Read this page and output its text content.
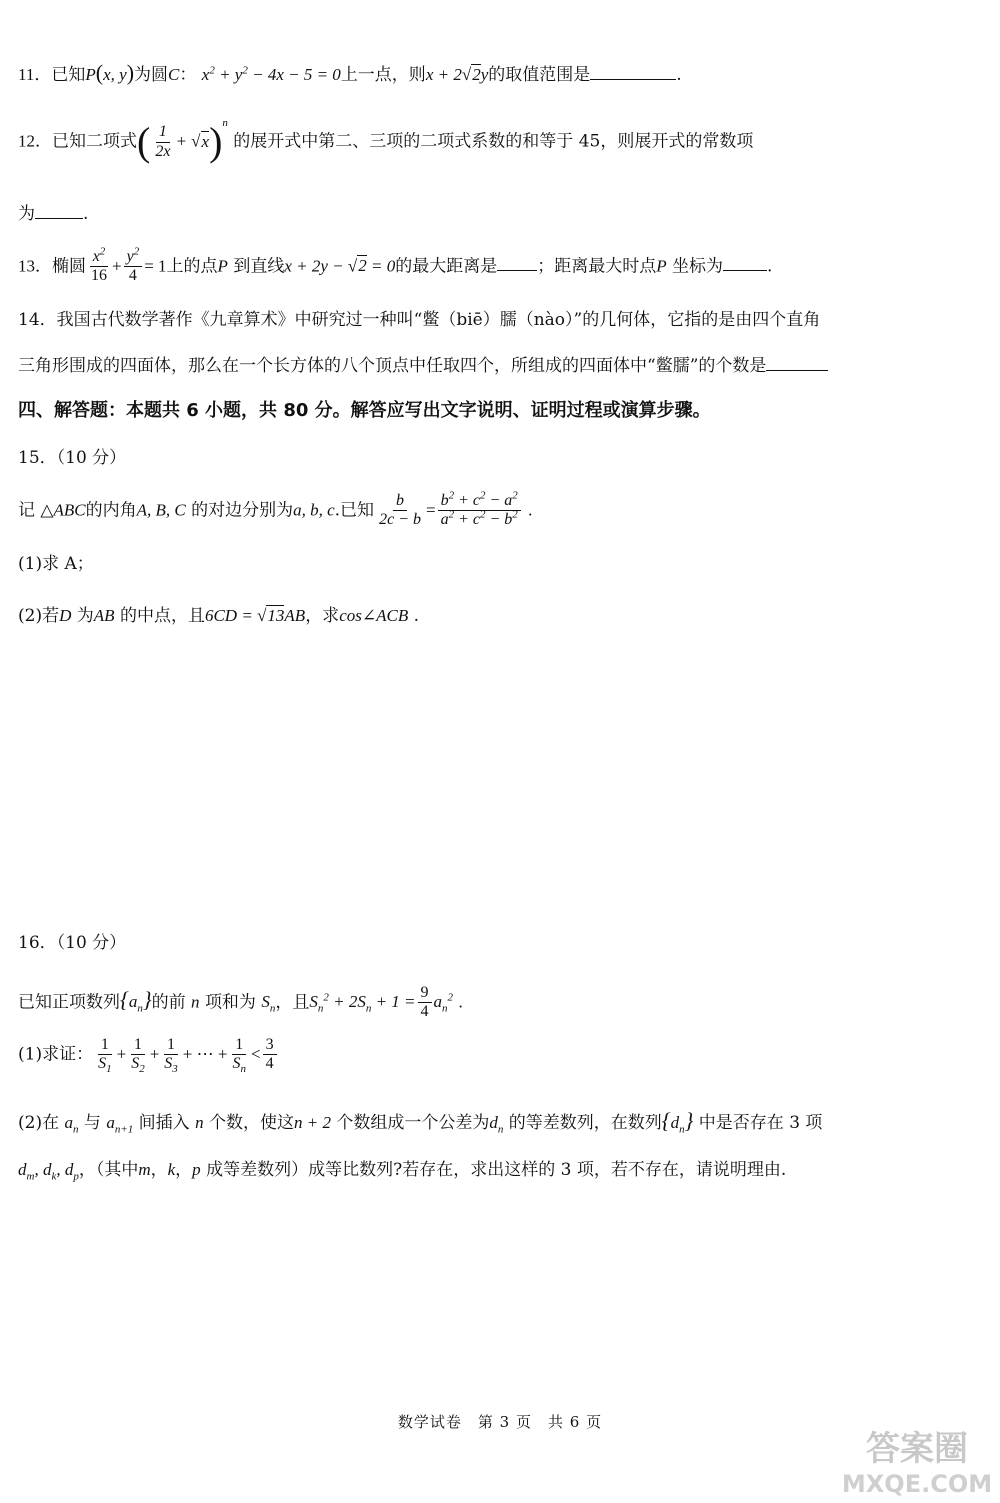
11．已知P(x, y)为圆C： $x^2 + y^2 - 4x - 5 = 0$上一点，则x + 2√2y的取值范围是	.
12．已知二项式( $\frac{1}{2x} + √x)^n$ 的展开式中第二、三项的二项式系数的和等于 45，则展开式的常数项
为	.
13．椭圆 $\frac{x^2}{16} + \frac{y^2}{4} = 1$上的点P 到直线x + 2y − √2 = 0的最大距离是 ；距离最大时点P 坐标为	.
14．我国古代数学著作《九章算术》中研究过一种叫“鳖（biē）臑（nào）”的几何体，它指的是由四个直角
三角形围成的四面体，那么在一个长方体的八个顶点中任取四个，所组成的四面体中“鳖臑”的个数是
四、解答题：本题共 6 小题，共 80 分。解答应写出文字说明、证明过程或演算步骤。
15．（10 分）
记 △ABC的内角A, B, C 的对边分别为a, b, c.已知 $\frac{b}{2c - b} = \frac{b^2 + c^2 - a^2}{a^2 + c^2 - b^2}$ .
(1)求 A；
(2)若D 为AB 的中点，且6CD = √13AB，求cos∠ACB .
16．（10 分）
已知正项数列$\{a_n\}$的前 n 项和为 $S_n$，且$S_n^2 + 2S_n + 1 = \frac{9}{4} a_n^2$ .
(1)求证： $\frac{1}{S_1} + \frac{1}{S_2} + \frac{1}{S_3}$ + ⋯ + $\frac{1}{S_n} < \frac{3}{4}$
(2)在 $a_n$ 与 $a_{n+1}$ 间插入 n 个数，使这n + 2 个数组成一个公差为$d_n$ 的等差数列，在数列$\{d_n\}$ 中是否存在 3 项
$d_m$, $d_k$, $d_p$，（其中m，k，p 成等差数列）成等比数列?若存在，求出这样的 3 项，若不存在，请说明理由.
数学试卷　第 3 页　共 6 页
答案圈
MXQE.COM
